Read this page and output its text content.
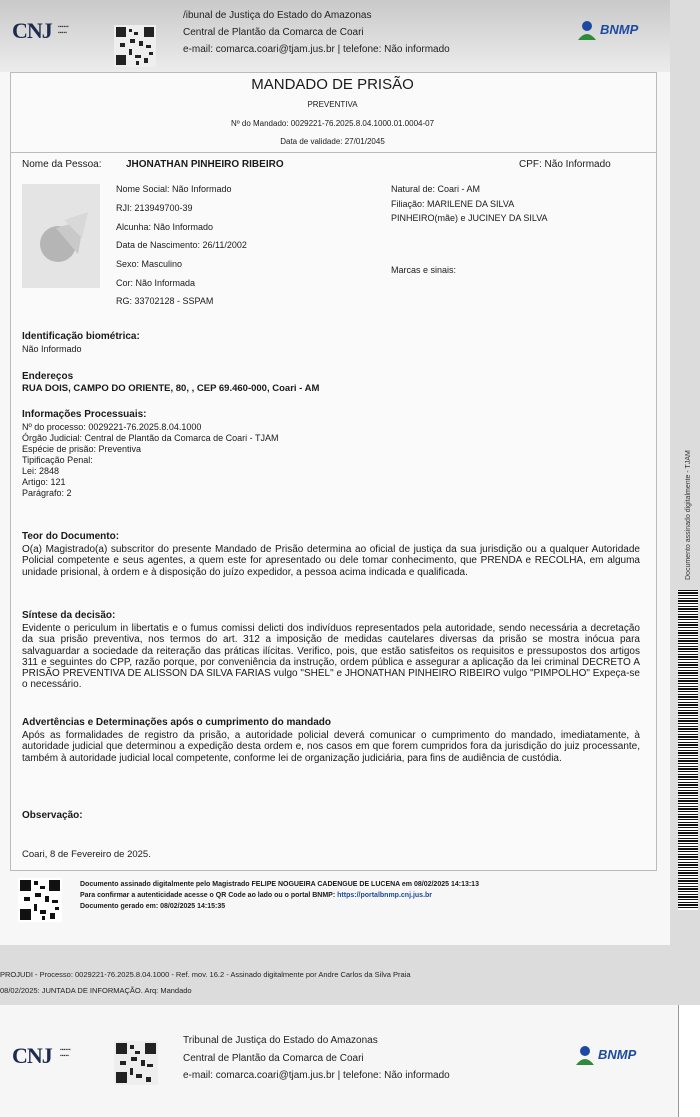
CNJ ▪▪▪▪▪▪
▪▪▪▪▪
/ibunal de Justiça do Estado do Amazonas
Central de Plantão da Comarca de Coari
e-mail: comarca.coari@tjam.jus.br | telefone: Não informado
BNMP
MANDADO DE PRISÃO
PREVENTIVA
Nº do Mandado: 0029221-76.2025.8.04.1000.01.0004-07
Data de validade: 27/01/2045
Nome da Pessoa: JHONATHAN PINHEIRO RIBEIRO	CPF: Não Informado
Nome Social: Não Informado
RJI: 213949700-39
Alcunha: Não Informado
Data de Nascimento: 26/11/2002
Sexo: Masculino
Cor: Não Informada
RG: 33702128 - SSPAM
Natural de: Coari - AM
Filiação: MARILENE DA SILVA
PINHEIRO(mãe) e JUCINEY DA SILVA
Marcas e sinais:
Identificação biométrica:
Não Informado
Endereços
RUA DOIS, CAMPO DO ORIENTE, 80, , CEP 69.460-000, Coari - AM
Informações Processuais:
Nº do processo: 0029221-76.2025.8.04.1000
Órgão Judicial: Central de Plantão da Comarca de Coari - TJAM
Espécie de prisão: Preventiva
Tipificação Penal:
Lei: 2848
Artigo: 121
Parágrafo: 2
Teor do Documento:
O(a) Magistrado(a) subscritor do presente Mandado de Prisão determina ao oficial de justiça da sua jurisdição ou a qualquer Autoridade Policial competente e seus agentes, a quem este for apresentado ou dele tomar conhecimento, que PRENDA e RECOLHA, em alguma unidade prisional, à ordem e à disposição do juízo expedidor, a pessoa acima indicada e qualificada.
Síntese da decisão:
Evidente o periculum in libertatis e o fumus comissi delicti dos indivíduos representados pela autoridade, sendo necessária a decretação da sua prisão preventiva, nos termos do art. 312 a imposição de medidas cautelares diversas da prisão se mostra inócua para salvaguardar a sociedade da reiteração das práticas ilícitas. Verifico, pois, que estão satisfeitos os requisitos e pressupostos dos artigos 311 e seguintes do CPP, razão porque, por conveniência da instrução, ordem pública e assegurar a aplicação da lei criminal DECRETO A PRISÃO PREVENTIVA DE ALISSON DA SILVA FARIAS vulgo "SHEL" e JHONATHAN PINHEIRO RIBEIRO vulgo "PIMPOLHO" Expeça-se o necessário.
Advertências e Determinações após o cumprimento do mandado
Após as formalidades de registro da prisão, a autoridade policial deverá comunicar o cumprimento do mandado, imediatamente, à autoridade judicial que determinou a expedição desta ordem e, nos casos em que forem cumpridos fora da jurisdição do juiz processante, também à autoridade judicial local competente, conforme lei de organização judiciária, para fins de audiência de custódia.
Observação:
Coari, 8 de Fevereiro de 2025.
Documento assinado digitalmente pelo Magistrado FELIPE NOGUEIRA CADENGUE DE LUCENA em 08/02/2025 14:13:13
Para confirmar a autenticidade acesse o QR Code ao lado ou o portal BNMP: https://portalbnmp.cnj.jus.br
Documento gerado em: 08/02/2025 14:15:35
Documento assinado digitalmente - TJAM
PROJUDI - Processo: 0029221-76.2025.8.04.1000 - Ref. mov. 16.2 - Assinado digitalmente por Andre Carlos da Silva Praia
08/02/2025: JUNTADA DE INFORMAÇÃO. Arq: Mandado
CNJ ▪▪▪▪▪▪
▪▪▪▪▪
Tribunal de Justiça do Estado do Amazonas
Central de Plantão da Comarca de Coari
e-mail: comarca.coari@tjam.jus.br | telefone: Não informado
BNMP
